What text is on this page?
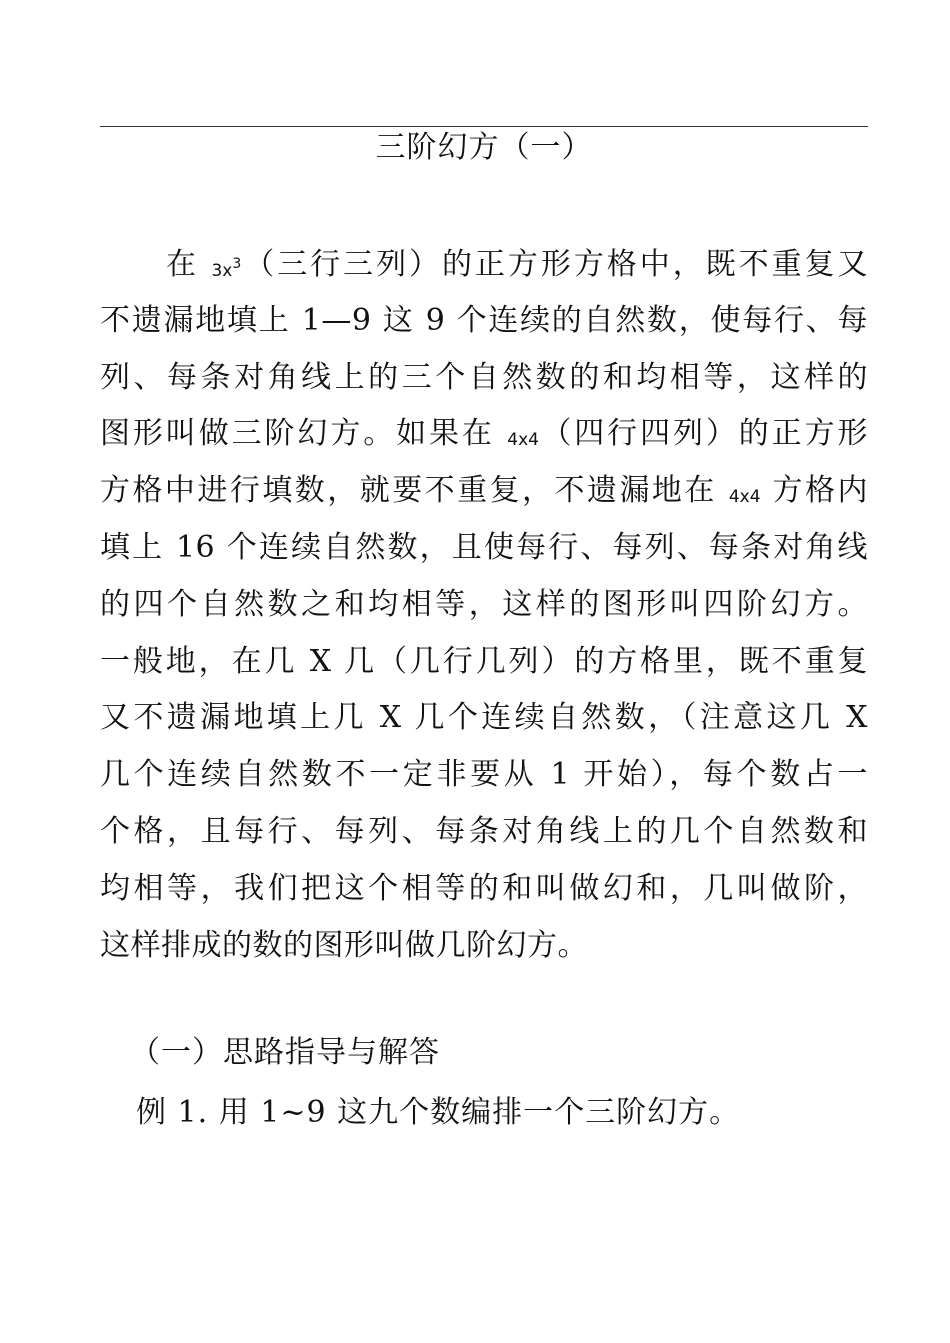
三阶幻方（一）
在 $3x^3$（三行三列）的正方形方格中，既不重复又
不遗漏地填上 1—9 这 9 个连续的自然数，使每行、每
列、每条对角线上的三个自然数的和均相等，这样的
图形叫做三阶幻方。如果在 4x4（四行四列）的正方形
方格中进行填数，就要不重复，不遗漏地在 4x4 方格内
填上 16 个连续自然数，且使每行、每列、每条对角线
的四个自然数之和均相等，这样的图形叫四阶幻方。
一般地，在几 X 几（几行几列）的方格里，既不重复
又不遗漏地填上几 X 几个连续自然数，（注意这几 X
几个连续自然数不一定非要从 1 开始），每个数占一
个格，且每行、每列、每条对角线上的几个自然数和
均相等，我们把这个相等的和叫做幻和，几叫做阶，
这样排成的数的图形叫做几阶幻方。
（一）思路指导与解答
例 1. 用 1~9 这九个数编排一个三阶幻方。
